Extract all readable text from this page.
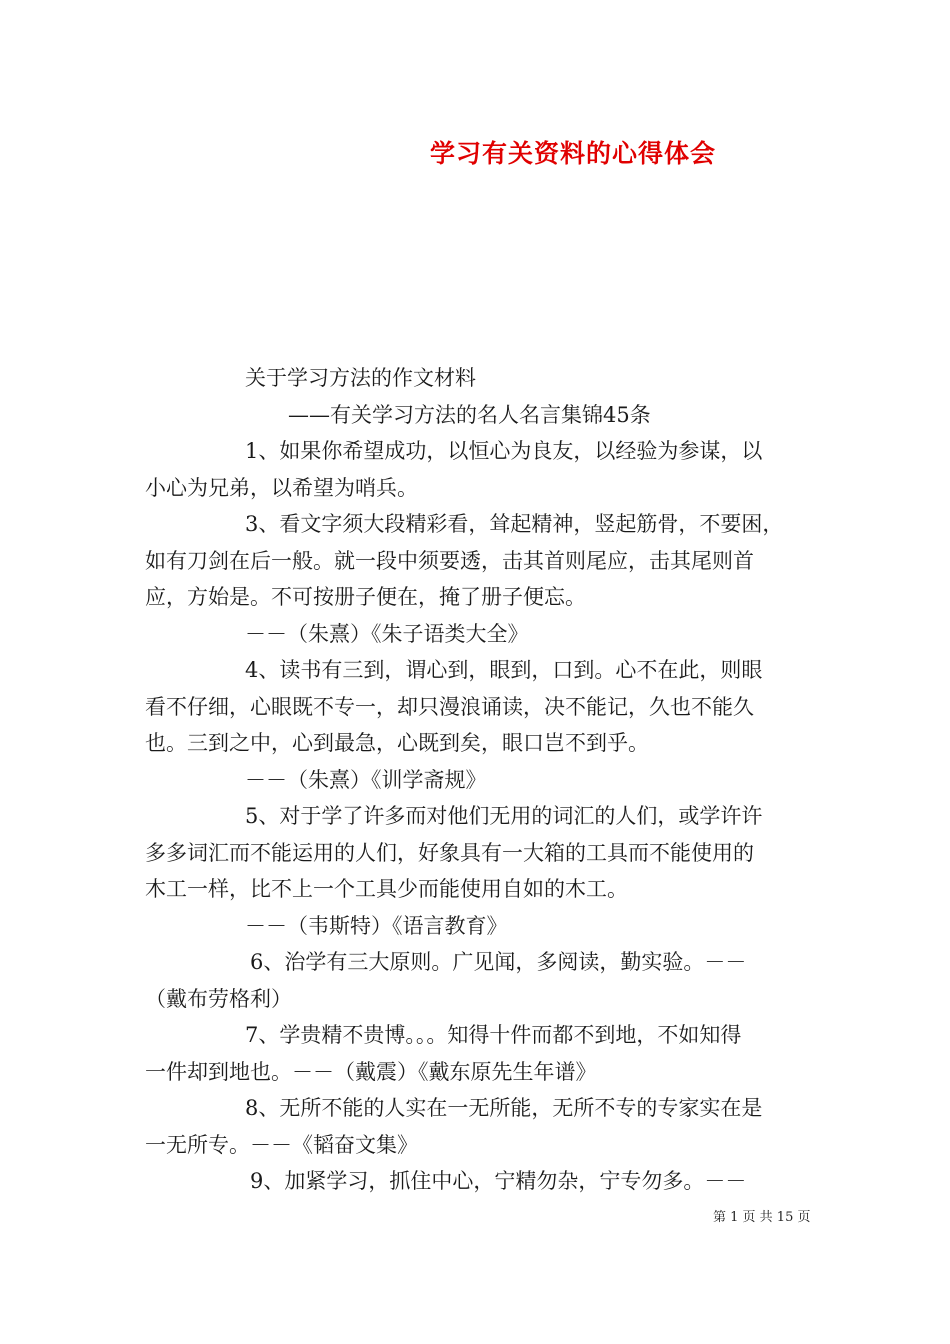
学习有关资料的心得体会
关于学习方法的作文材料
——有关学习方法的名人名言集锦45条
1、如果你希望成功，以恒心为良友，以经验为参谋，以
小心为兄弟，以希望为哨兵。
3、看文字须大段精彩看，耸起精神，竖起筋骨，不要困，
如有刀剑在后一般。就一段中须要透，击其首则尾应，击其尾则首
应，方始是。不可按册子便在，掩了册子便忘。
－－（朱熹）《朱子语类大全》
4、读书有三到，谓心到，眼到，口到。心不在此，则眼
看不仔细，心眼既不专一，却只漫浪诵读，决不能记，久也不能久
也。三到之中，心到最急，心既到矣，眼口岂不到乎。
－－（朱熹）《训学斋规》
5、对于学了许多而对他们无用的词汇的人们，或学许许
多多词汇而不能运用的人们，好象具有一大箱的工具而不能使用的
木工一样，比不上一个工具少而能使用自如的木工。
－－（韦斯特）《语言教育》
6、治学有三大原则。广见闻，多阅读，勤实验。－－
（戴布劳格利）
7、学贵精不贵博。。。知得十件而都不到地，不如知得
一件却到地也。－－（戴震）《戴东原先生年谱》
8、无所不能的人实在一无所能，无所不专的专家实在是
一无所专。－－《韬奋文集》
9、加紧学习，抓住中心，宁精勿杂，宁专勿多。－－
第 1 页 共 15 页
